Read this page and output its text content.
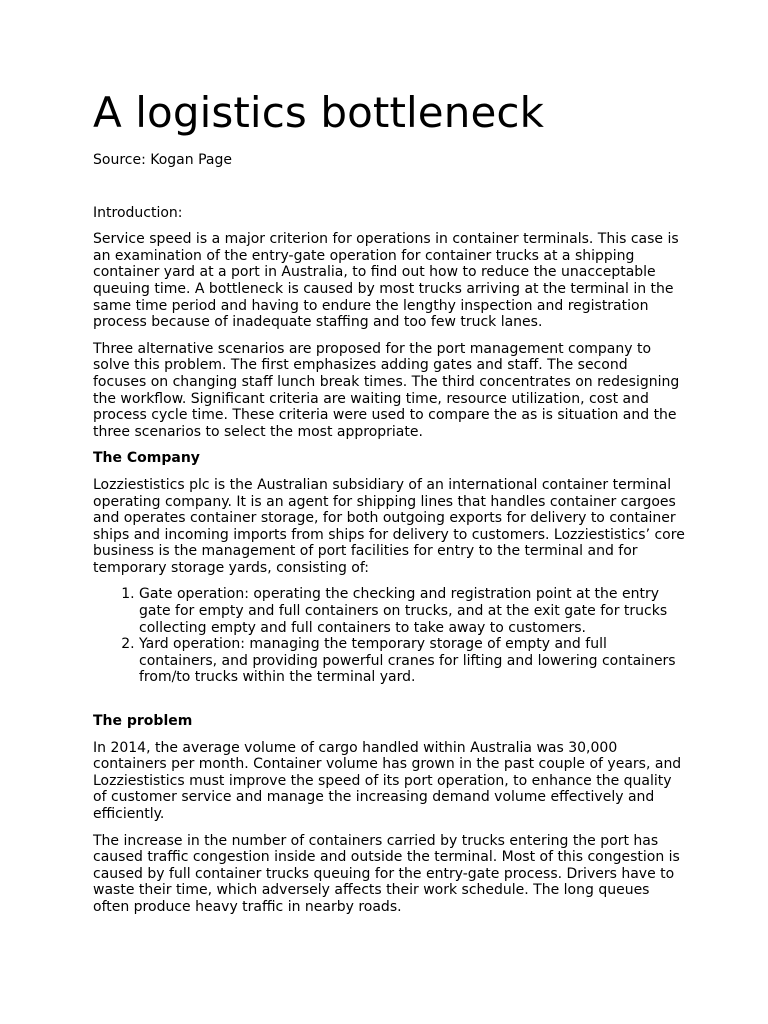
A logistics bottleneck

Source: Kogan Page

Introduction:

Service speed is a major criterion for operations in container terminals. This case is an examination of the entry-gate operation for container trucks at a shipping container yard at a port in Australia, to find out how to reduce the unacceptable queuing time. A bottleneck is caused by most trucks arriving at the terminal in the same time period and having to endure the lengthy inspection and registration process because of inadequate staffing and too few truck lanes.

Three alternative scenarios are proposed for the port management company to solve this problem. The first emphasizes adding gates and staff. The second focuses on changing staff lunch break times. The third concentrates on redesigning the workflow. Significant criteria are waiting time, resource utilization, cost and process cycle time. These criteria were used to compare the as is situation and the three scenarios to select the most appropriate.

The Company

Lozziestistics plc is the Australian subsidiary of an international container terminal operating company. It is an agent for shipping lines that handles container cargoes and operates container storage, for both outgoing exports for delivery to container ships and incoming imports from ships for delivery to customers. Lozziestistics’ core business is the management of port facilities for entry to the terminal and for temporary storage yards, consisting of:

1. Gate operation: operating the checking and registration point at the entry gate for empty and full containers on trucks, and at the exit gate for trucks collecting empty and full containers to take away to customers.
2. Yard operation: managing the temporary storage of empty and full containers, and providing powerful cranes for lifting and lowering containers from/to trucks within the terminal yard.
The problem

In 2014, the average volume of cargo handled within Australia was 30,000 containers per month. Container volume has grown in the past couple of years, and Lozziestistics must improve the speed of its port operation, to enhance the quality of customer service and manage the increasing demand volume effectively and efficiently.

The increase in the number of containers carried by trucks entering the port has caused traffic congestion inside and outside the terminal. Most of this congestion is caused by full container trucks queuing for the entry-gate process. Drivers have to waste their time, which adversely affects their work schedule. The long queues often produce heavy traffic in nearby roads.
